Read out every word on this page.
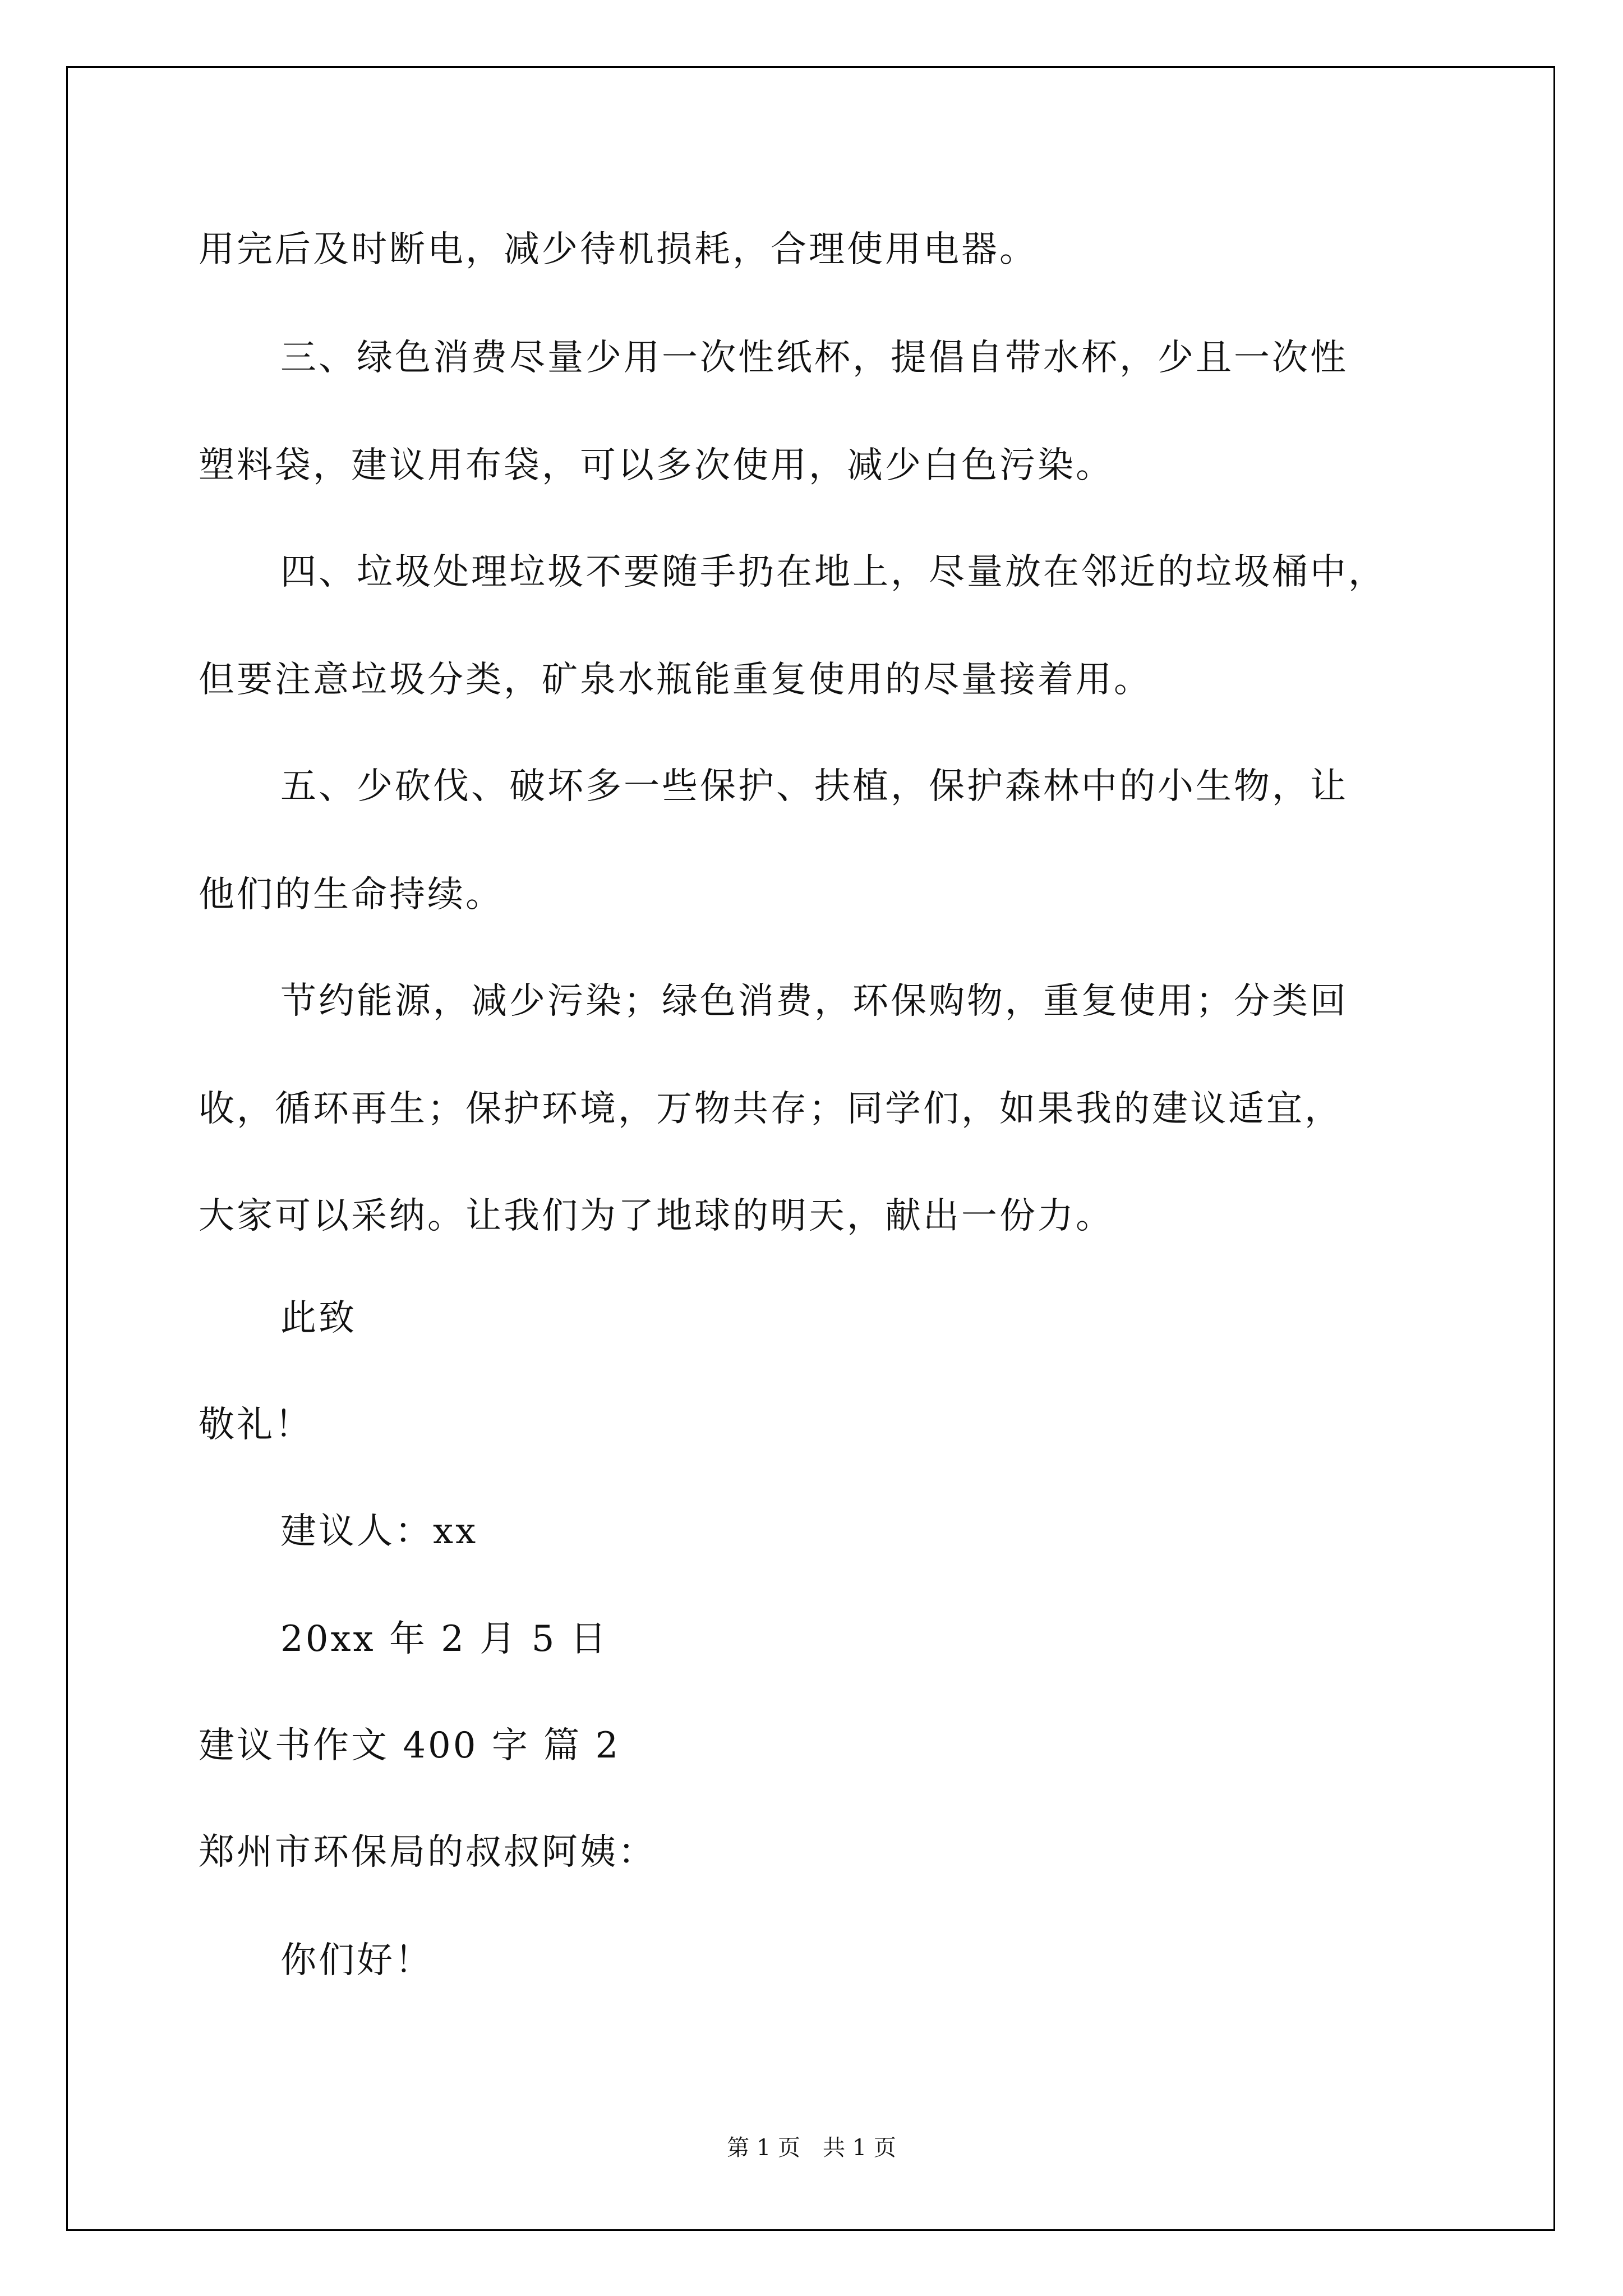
用完后及时断电，减少待机损耗，合理使用电器。
三、绿色消费尽量少用一次性纸杯，提倡自带水杯，少且一次性
塑料袋，建议用布袋，可以多次使用，减少白色污染。
四、垃圾处理垃圾不要随手扔在地上，尽量放在邻近的垃圾桶中，
但要注意垃圾分类，矿泉水瓶能重复使用的尽量接着用。
五、少砍伐、破坏多一些保护、扶植，保护森林中的小生物，让
他们的生命持续。
节约能源，减少污染；绿色消费，环保购物，重复使用；分类回
收，循环再生；保护环境，万物共存；同学们，如果我的建议适宜，
大家可以采纳。让我们为了地球的明天，献出一份力。
此致
敬礼！
建议人：xx
20xx 年 2 月 5 日
建议书作文 400 字 篇 2
郑州市环保局的叔叔阿姨：
你们好！
第 1 页 共 1 页
